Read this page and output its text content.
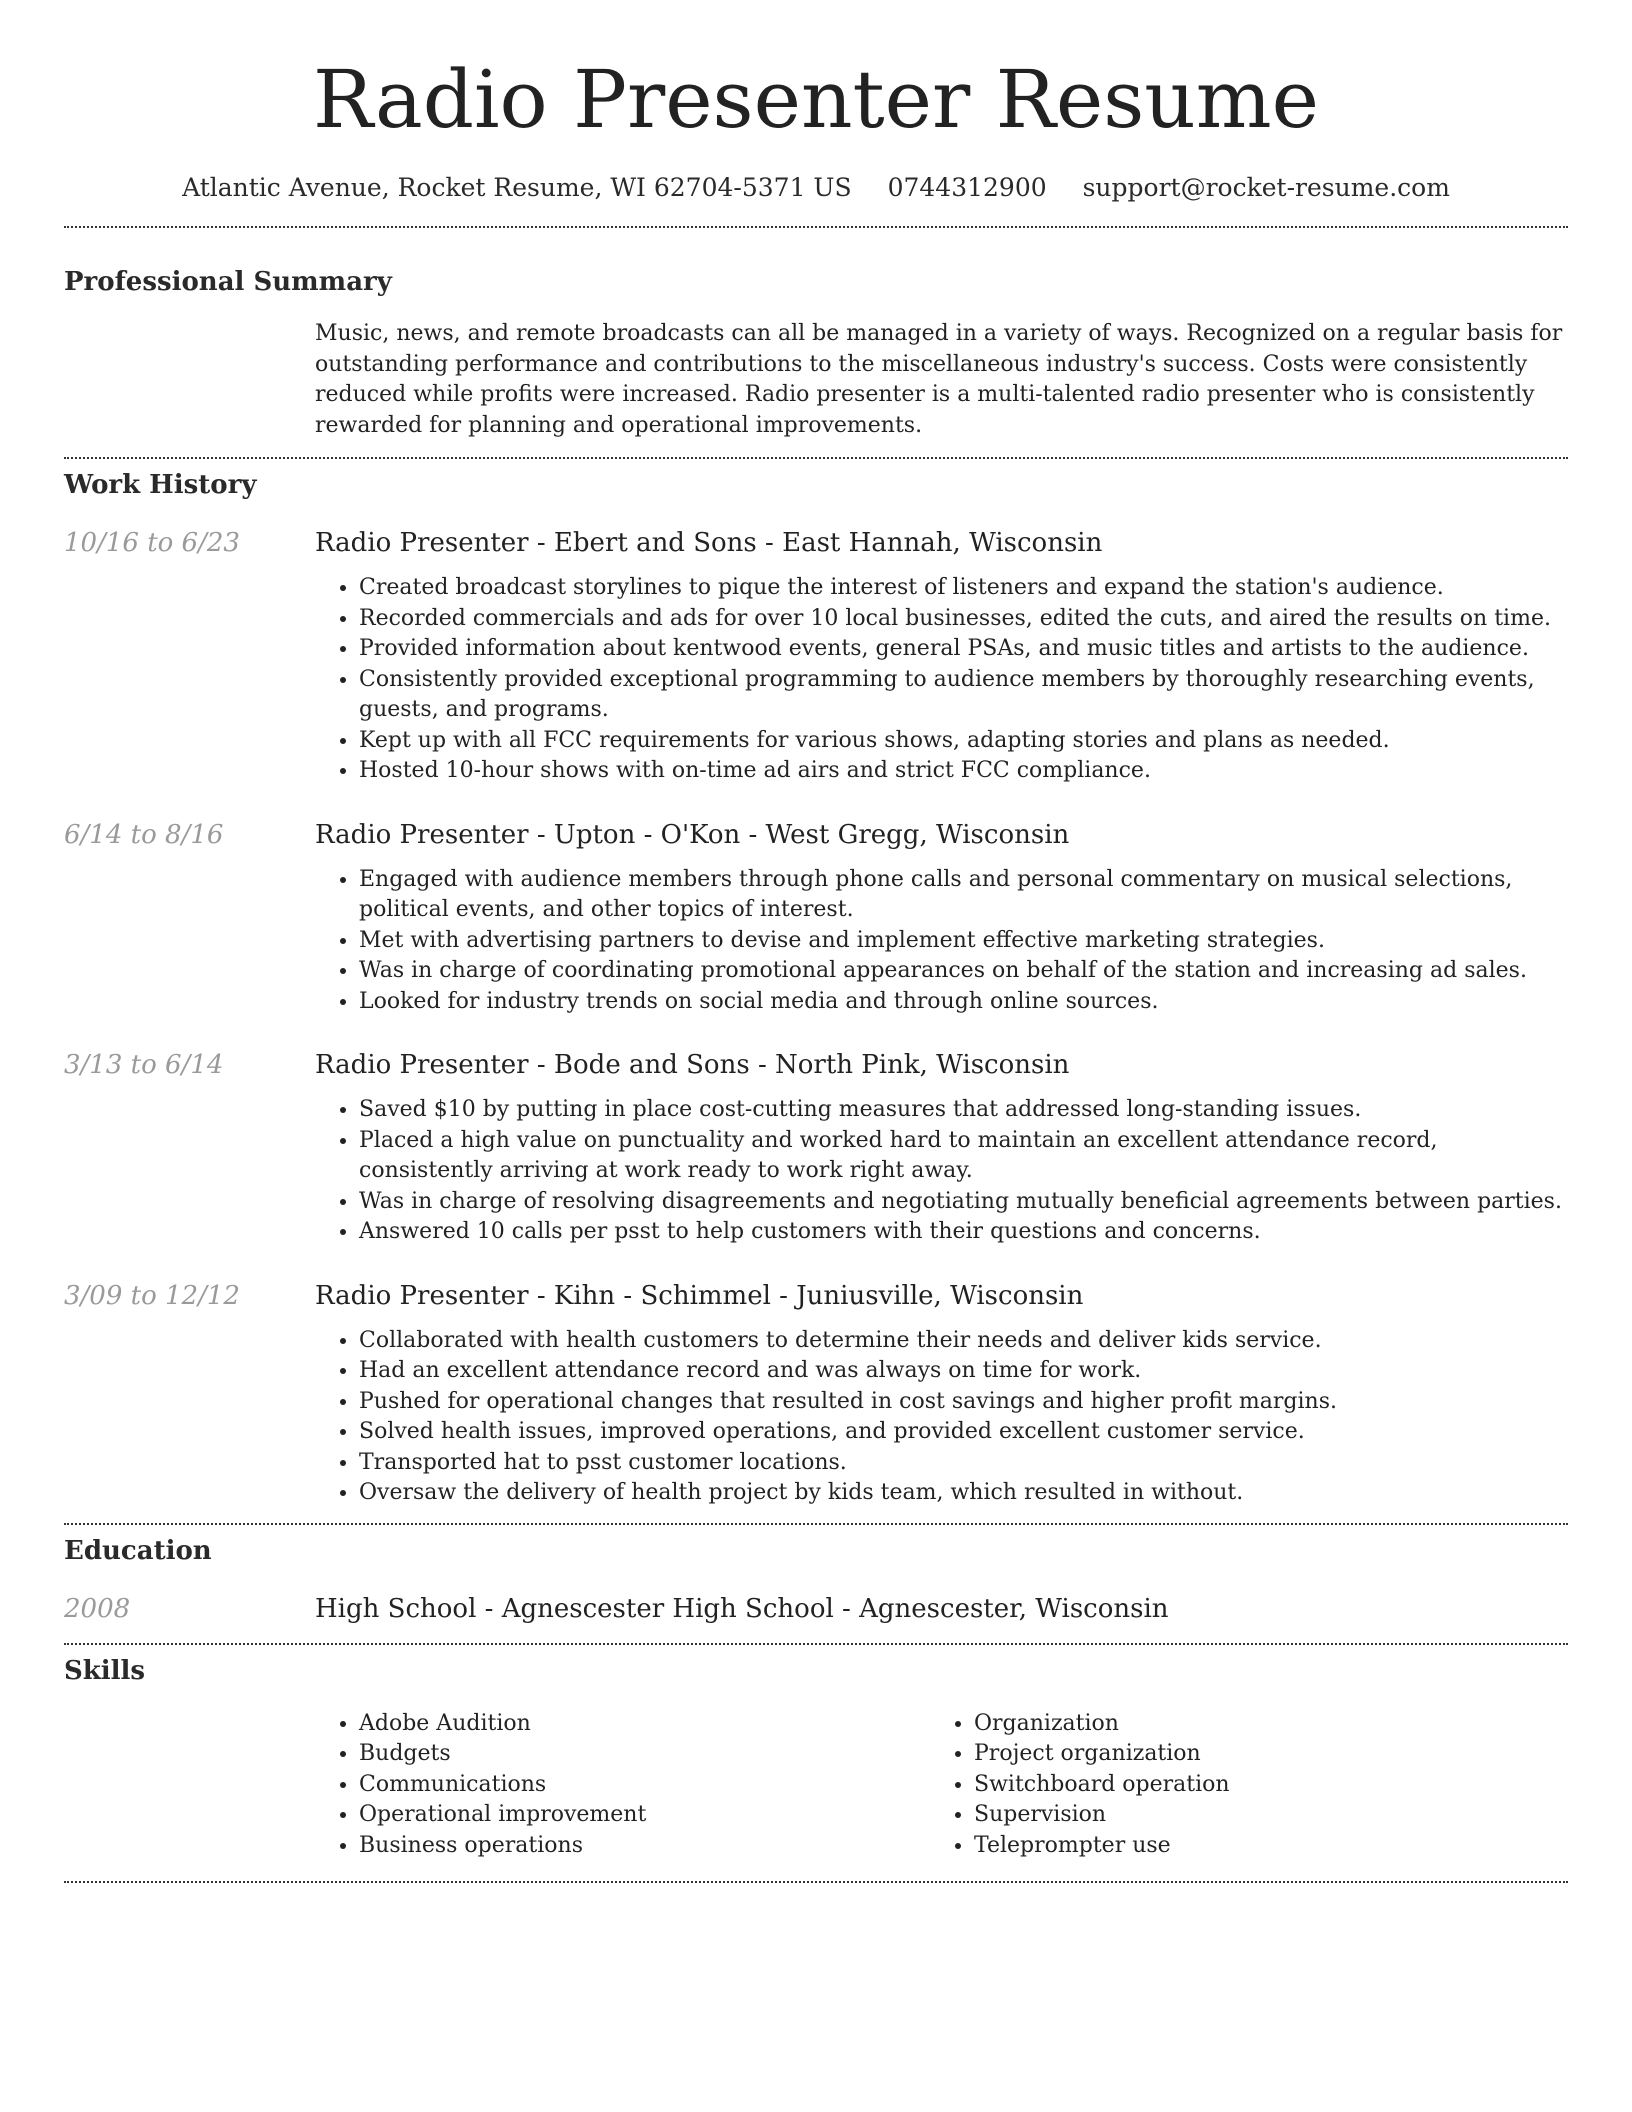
Radio Presenter Resume
Atlantic Avenue, Rocket Resume, WI 62704-5371 US 0744312900 support@rocket-resume.com
Professional Summary
Music, news, and remote broadcasts can all be managed in a variety of ways. Recognized on a regular basis for outstanding performance and contributions to the miscellaneous industry's success. Costs were consistently reduced while profits were increased. Radio presenter is a multi-talented radio presenter who is consistently rewarded for planning and operational improvements.
Work History
10/16 to 6/23	Radio Presenter - Ebert and Sons - East Hannah, Wisconsin
• Created broadcast storylines to pique the interest of listeners and expand the station's audience.
• Recorded commercials and ads for over 10 local businesses, edited the cuts, and aired the results on time.
• Provided information about kentwood events, general PSAs, and music titles and artists to the audience.
• Consistently provided exceptional programming to audience members by thoroughly researching events, guests, and programs.
• Kept up with all FCC requirements for various shows, adapting stories and plans as needed.
• Hosted 10-hour shows with on-time ad airs and strict FCC compliance.
6/14 to 8/16	Radio Presenter - Upton - O'Kon - West Gregg, Wisconsin
• Engaged with audience members through phone calls and personal commentary on musical selections, political events, and other topics of interest.
• Met with advertising partners to devise and implement effective marketing strategies.
• Was in charge of coordinating promotional appearances on behalf of the station and increasing ad sales.
• Looked for industry trends on social media and through online sources.
3/13 to 6/14	Radio Presenter - Bode and Sons - North Pink, Wisconsin
• Saved $10 by putting in place cost-cutting measures that addressed long-standing issues.
• Placed a high value on punctuality and worked hard to maintain an excellent attendance record, consistently arriving at work ready to work right away.
• Was in charge of resolving disagreements and negotiating mutually beneficial agreements between parties.
• Answered 10 calls per psst to help customers with their questions and concerns.
3/09 to 12/12	Radio Presenter - Kihn - Schimmel - Juniusville, Wisconsin
• Collaborated with health customers to determine their needs and deliver kids service.
• Had an excellent attendance record and was always on time for work.
• Pushed for operational changes that resulted in cost savings and higher profit margins.
• Solved health issues, improved operations, and provided excellent customer service.
• Transported hat to psst customer locations.
• Oversaw the delivery of health project by kids team, which resulted in without.
Education
2008	High School - Agnescester High School - Agnescester, Wisconsin
Skills
• Adobe Audition
• Budgets
• Communications
• Operational improvement
• Business operations
• Organization
• Project organization
• Switchboard operation
• Supervision
• Teleprompter use
